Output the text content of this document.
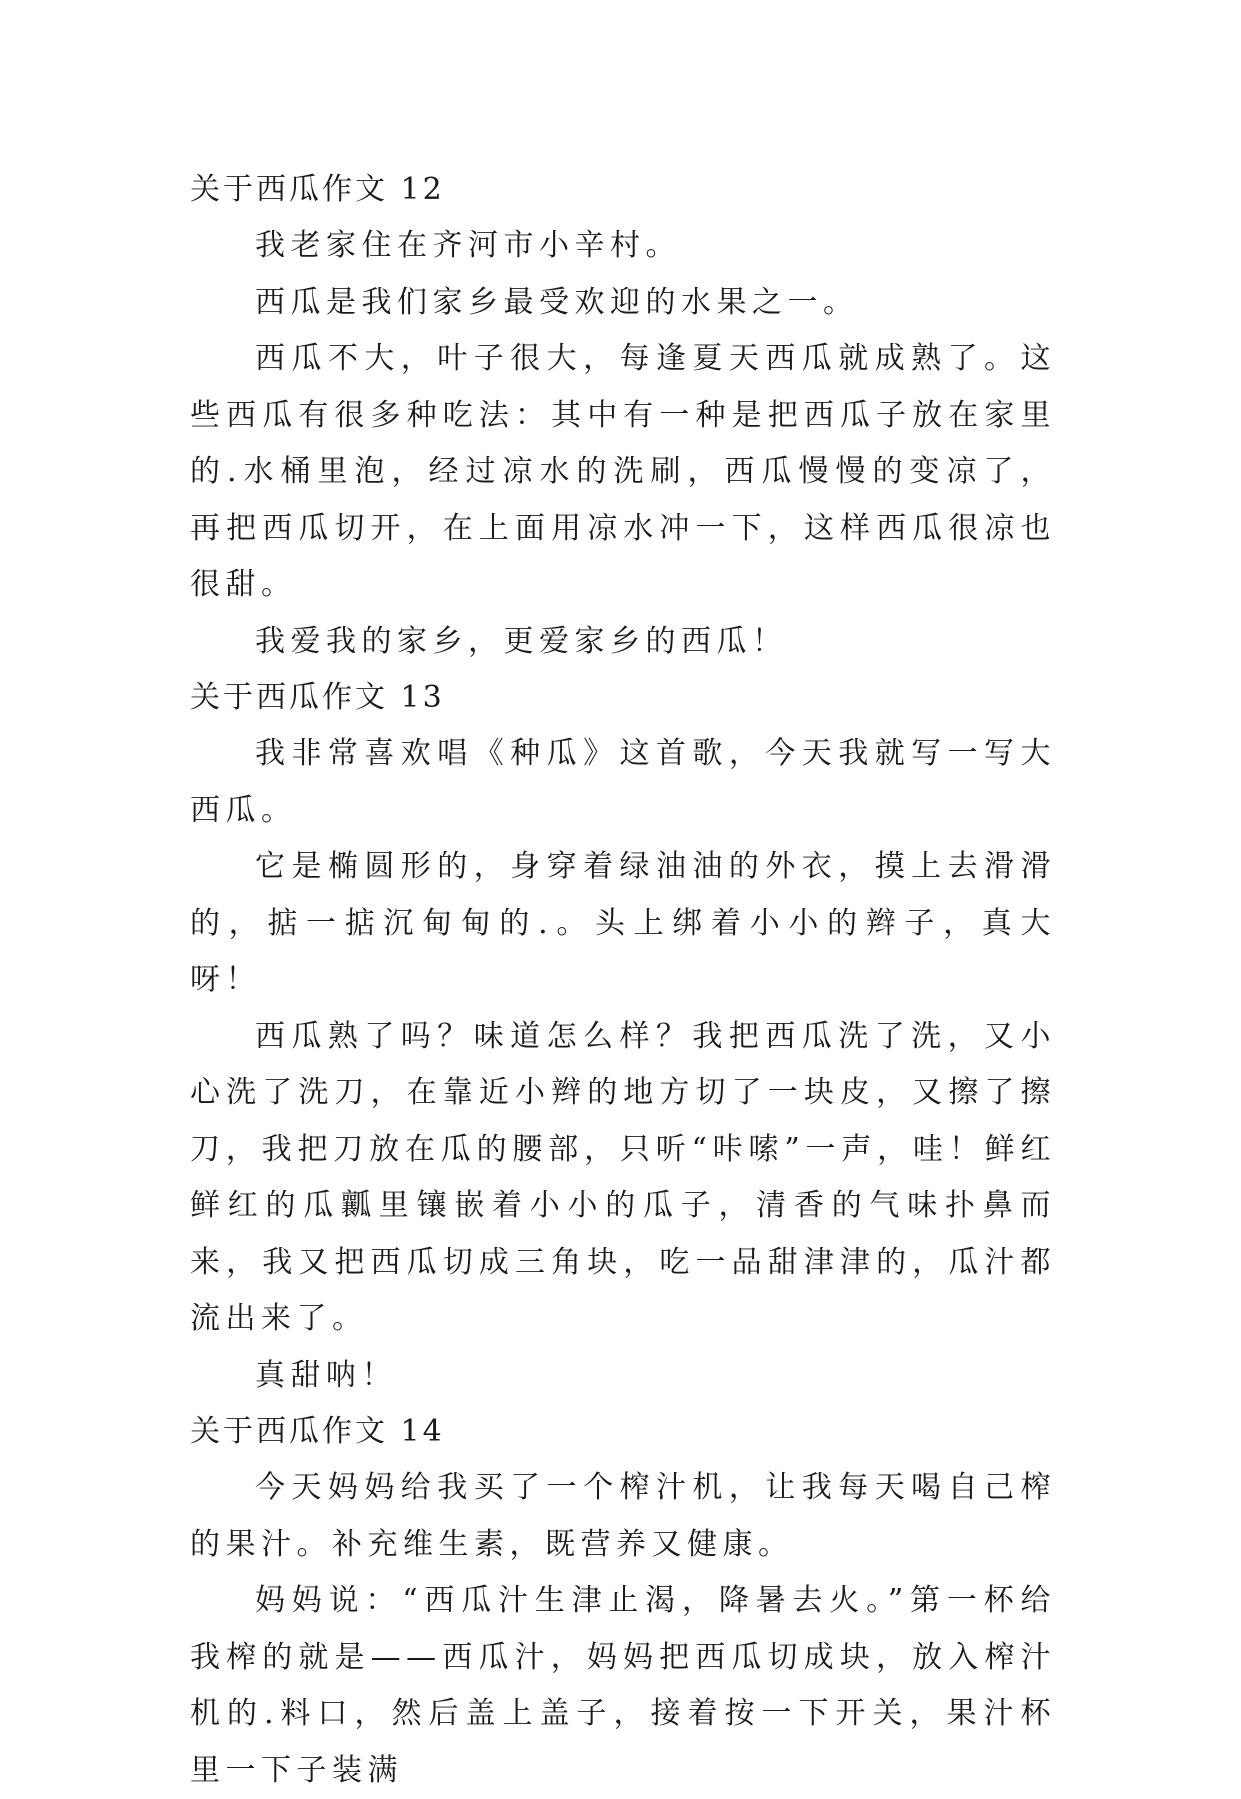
关于西瓜作文 12

我老家住在齐河市小辛村。

西瓜是我们家乡最受欢迎的水果之一。

西瓜不大，叶子很大，每逢夏天西瓜就成熟了。这些西瓜有很多种吃法：其中有一种是把西瓜子放在家里的.水桶里泡，经过凉水的洗刷，西瓜慢慢的变凉了，再把西瓜切开，在上面用凉水冲一下，这样西瓜很凉也很甜。

我爱我的家乡，更爱家乡的西瓜！

关于西瓜作文 13

我非常喜欢唱《种瓜》这首歌，今天我就写一写大西瓜。

它是椭圆形的，身穿着绿油油的外衣，摸上去滑滑的，掂一掂沉甸甸的.。头上绑着小小的辫子，真大呀！

西瓜熟了吗？味道怎么样？我把西瓜洗了洗，又小心洗了洗刀，在靠近小辫的地方切了一块皮，又擦了擦刀，我把刀放在瓜的腰部，只听“咔嗦”一声，哇！鲜红鲜红的瓜瓤里镶嵌着小小的瓜子，清香的气味扑鼻而来，我又把西瓜切成三角块，吃一品甜津津的，瓜汁都流出来了。

真甜呐！

关于西瓜作文 14

今天妈妈给我买了一个榨汁机，让我每天喝自己榨的果汁。补充维生素，既营养又健康。

妈妈说：“西瓜汁生津止渴，降暑去火。”第一杯给我榨的就是——西瓜汁，妈妈把西瓜切成块，放入榨汁机的.料口，然后盖上盖子，接着按一下开关，果汁杯里一下子装满
